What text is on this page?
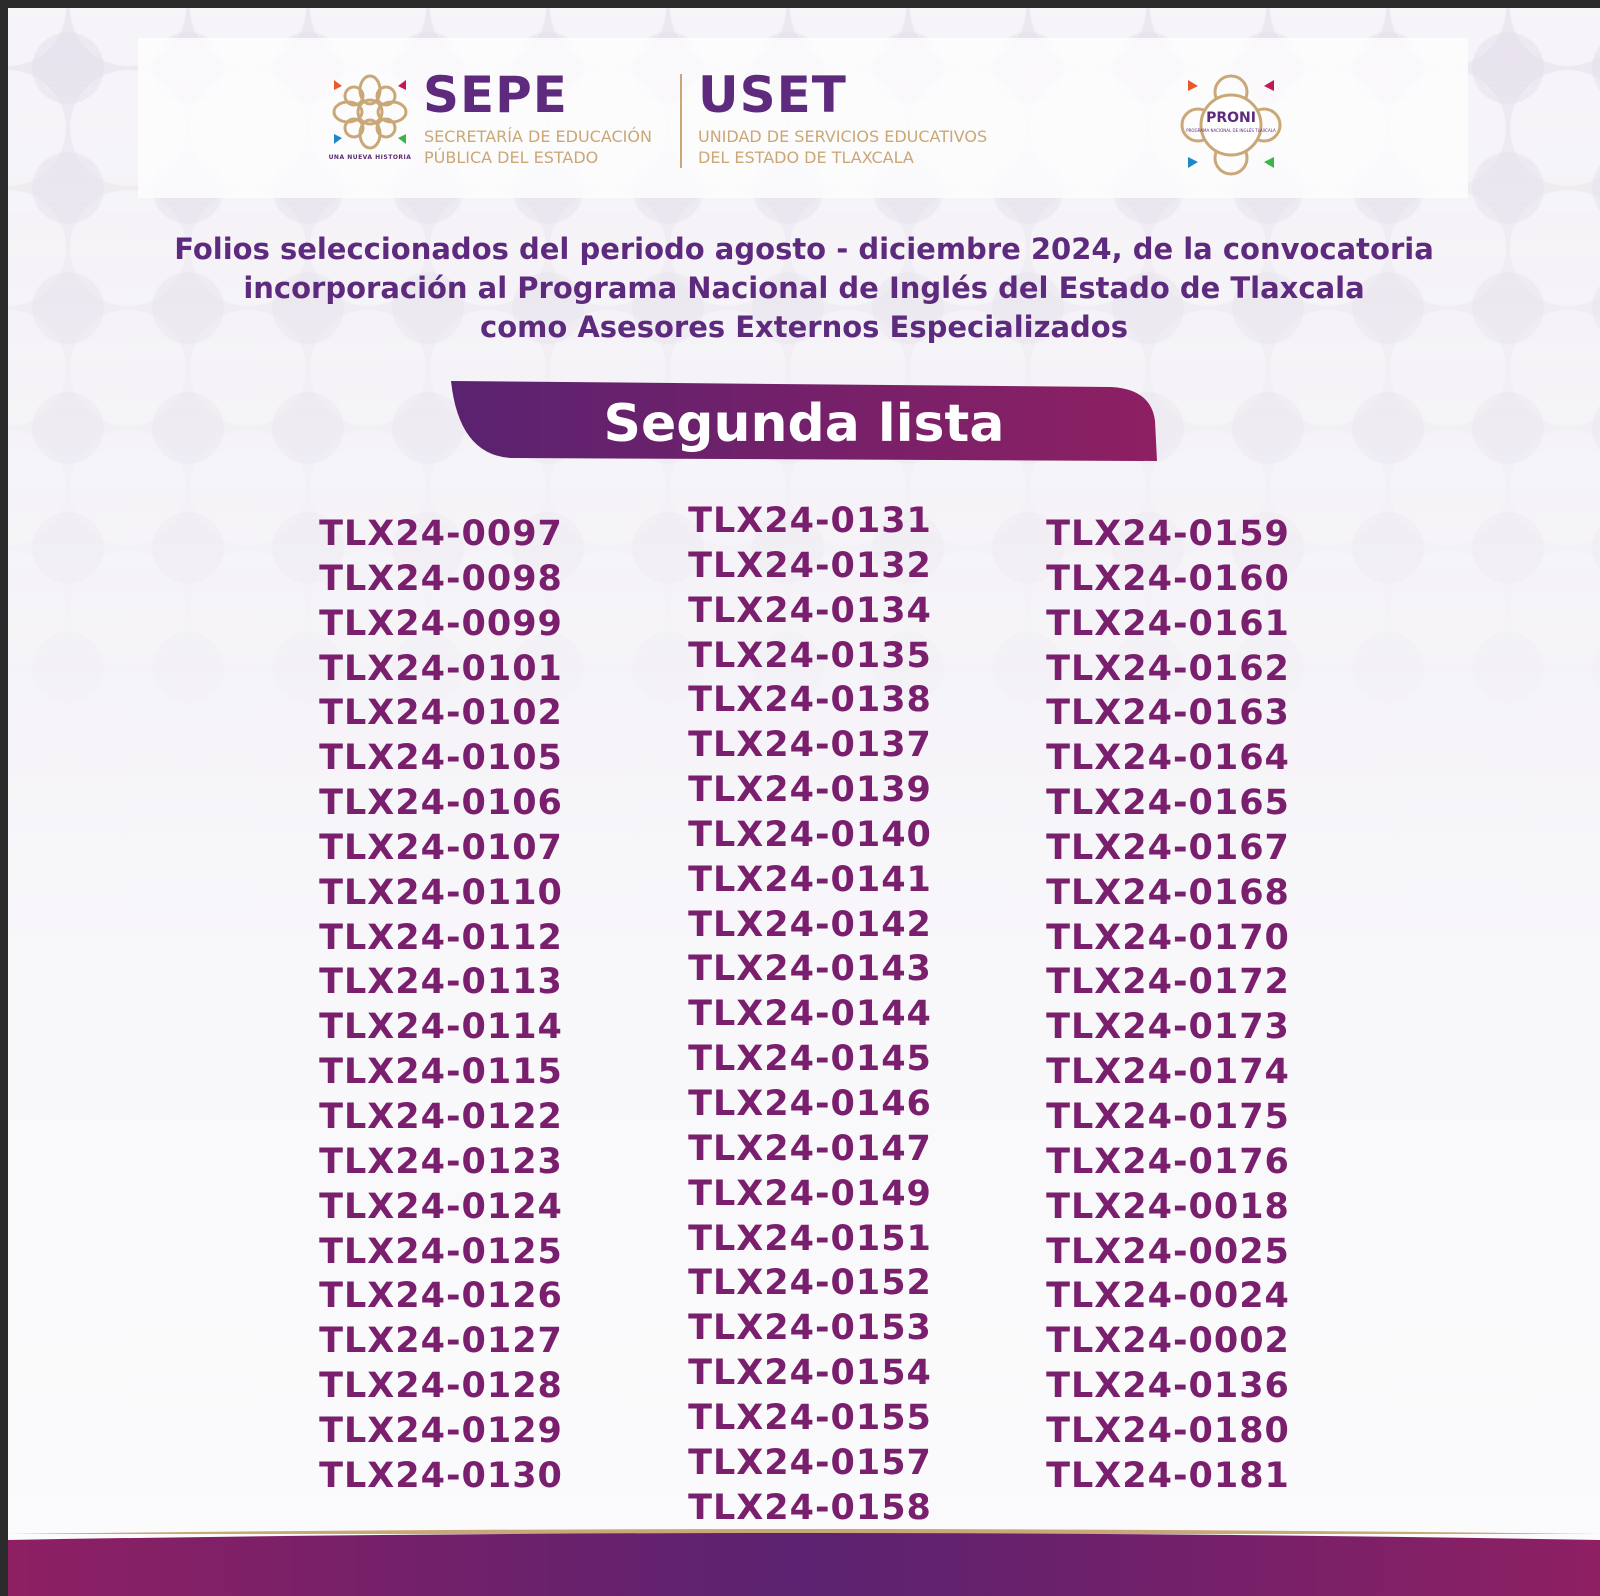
UNA NUEVA HISTORIA
SEPE
SECRETARÍA DE EDUCACIÓN
PÚBLICA DEL ESTADO
USET
UNIDAD DE SERVICIOS EDUCATIVOS
DEL ESTADO DE TLAXCALA
PRONI
PROGRAMA NACIONAL DE INGLÉS TLAXCALA
Folios seleccionados del periodo agosto - diciembre 2024, de la convocatoria
incorporación al Programa Nacional de Inglés del Estado de Tlaxcala
como Asesores Externos Especializados
Segunda lista
TLX24-0097
TLX24-0098
TLX24-0099
TLX24-0101
TLX24-0102
TLX24-0105
TLX24-0106
TLX24-0107
TLX24-0110
TLX24-0112
TLX24-0113
TLX24-0114
TLX24-0115
TLX24-0122
TLX24-0123
TLX24-0124
TLX24-0125
TLX24-0126
TLX24-0127
TLX24-0128
TLX24-0129
TLX24-0130
TLX24-0131
TLX24-0132
TLX24-0134
TLX24-0135
TLX24-0138
TLX24-0137
TLX24-0139
TLX24-0140
TLX24-0141
TLX24-0142
TLX24-0143
TLX24-0144
TLX24-0145
TLX24-0146
TLX24-0147
TLX24-0149
TLX24-0151
TLX24-0152
TLX24-0153
TLX24-0154
TLX24-0155
TLX24-0157
TLX24-0158
TLX24-0159
TLX24-0160
TLX24-0161
TLX24-0162
TLX24-0163
TLX24-0164
TLX24-0165
TLX24-0167
TLX24-0168
TLX24-0170
TLX24-0172
TLX24-0173
TLX24-0174
TLX24-0175
TLX24-0176
TLX24-0018
TLX24-0025
TLX24-0024
TLX24-0002
TLX24-0136
TLX24-0180
TLX24-0181
